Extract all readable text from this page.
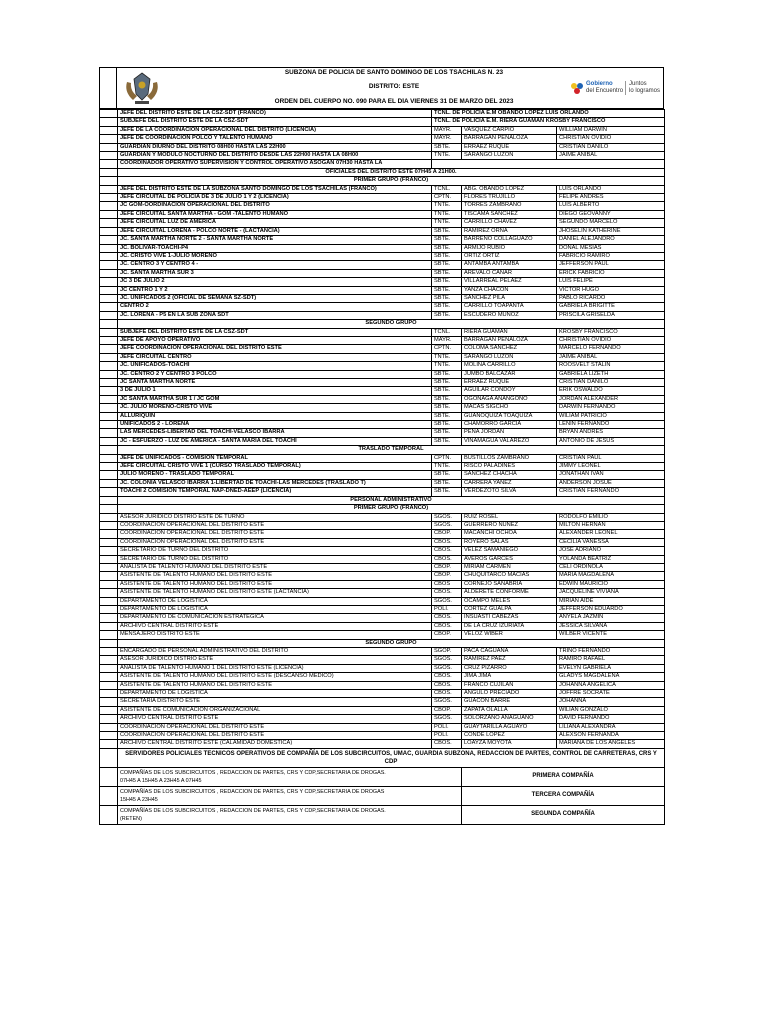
SUBZONA DE POLICÍA DE SANTO DOMINGO DE LOS TSÁCHILAS N. 23
DISTRITO: ESTE
ORDEN DEL CUERPO NO. 090 PARA EL DÍA VIERNES 31 DE MARZO DEL 2023
Gobierno
del Encuentro
Juntos
lo logramos
	JEFE DEL DISTRITO ESTE DE LA CSZ-SDT (FRANCO)	TCNL. DE POLICIA E.M OBANDO LOPEZ LUIS ORLANDO		
	SUBJEFE DEL DISTRITO ESTE DE LA CSZ-SDT	TCNL. DE POLICIA E.M. RIERA GUAMAN KROSBY FRANCISCO		
	JEFE DE LA COORDINACION OPERACIONAL DEL DISTRITO (LICENCIA)	MAYR.	VASQUEZ CARPIO	WILLIAM DARWIN
	JEFE DE COORDINACION POLCO Y TALENTO HUMANO	MAYR.	BARRAGAN PEÑALOZA	CHRISTIAN OVIDIO
	GUARDIAN DIURNO DEL DISTRITO 08H00 HASTA LAS 22H00	SBTE.	ERRAEZ RUQUE	CRISTIAN DANILO
	GUARDIAN Y MODULO NOCTURNO DEL DISTRITO DESDE LAS 22H00 HASTA LA 08H00	TNTE.	SARANGO LUZON	JAIME ANIBAL
	COORDINADOR OPERATIVO SUPERVISION Y CONTROL OPERATIVO ASOGAN 07H30 HASTA LA			
	OFICIALES DEL DISTRITO ESTE 07H45 A 21H00.			
	PRIMER GRUPO (FRANCO)			
	JEFE DEL DISTRITO ESTE DE LA SUBZONA SANTO DOMINGO DE LOS TSÁCHILAS (FRANCO)	TCNL.	ABG. OBANDO LOPEZ	LUIS ORLANDO
	JEFE CIRCUITAL DE POLICIA DE 3 DE JULIO 1 Y 2 (LICENCIA)	CPTN.	FLORES TRUJILLO	FELIPE ANDRÉS
	JC GOM-OORDINACION OPERACIONAL DEL DISTRITO	TNTE.	TORRES ZAMBRANO	LUIS ALBERTO
	JEFE CIRCUITAL SANTA MARTHA - GOM -TALENTO HUMANO	TNTE.	TISCAMA SANCHEZ	DIEGO GEOVANNY
	JEFE CIRCUITAL LUZ DE AMÉRICA	TNTE.	CARRILLO CHAVEZ	SEGUNDO MARCELO
	JEFE CIRCUITAL LORENA - POLCO NORTE - (LACTANCIA)	SBTE.	RAMIREZ ORNA	JHOSELIN KATHERINE
	JC. SANTA MARTHA NORTE 2 - SANTA MARTHA NORTE	SBTE.	BARRENO COLLAGUAZO	DANIEL ALEJANDRO
	JC. BOLIVAR-TOACHI-P4	SBTE.	ARMIJO RUBIO	DONAL MESIAS
	JC. CRISTO VIVE 1-JULIO MORENO	SBTE.	ORTIZ ORTIZ	FABRICIO RAMIRO
	JC. CENTRO 3 Y CENTRO 4 -	SBTE.	ANTAMBA ANTAMBA	JEFFERSON PAUL
	JC. SANTA MARTHA SUR 3	SBTE.	AREVALO CAÑAR	ERICK FABRICIO
	JC 3 DE JULIO 2	SBTE.	VILLARREAL PELAEZ	LUIS FELIPE
	JC CENTRO 1 Y 2	SBTE.	YANZA CHACON	VICTOR HUGO
	JC. UNIFICADOS 2 (OFICIAL DE SEMANA SZ-SDT)	SBTE.	SANCHEZ PILA	PABLO RICARDO
	CENTRO 2	SBTE.	CARRILLO TOAPANTA	GABRIELA BRIGITTE
	JC. LORENA - P5 EN LA SUB ZONA SDT	SBTE.	ESCUDERO MUÑOZ	PRISCILA GRISELDA
	SEGUNDO GRUPO			
	SUBJEFE DEL DISTRITO ESTE DE LA CSZ-SDT	TCNL.	RIERA GUAMAN	KROSBY FRANCISCO
	JEFE DE APOYO OPERATIVO	MAYR.	BARRAGAN PEÑALOZA	CHRISTIAN OVIDIO
	JEFE COORDINACION OPERACIONAL DEL DISTRITO ESTE	CPTN.	COLOMA SANCHEZ	MARCELO FERNANDO
	JEFE CIRCUITAL CENTRO	TNTE.	SARANGO LUZON	JAIME ANIBAL
	JC. UNIFICADOS-TOACHI	TNTE.	MOLINA CARRILLO	ROOSVELT STALIN
	JC. CENTRO 2 Y CENTRO 3 POLCO	SBTE.	JUMBO BALCAZAR	GABRIELA LIZETH
	JC SANTA MARTHA NORTE	SBTE.	ERRAEZ RUQUE	CRISTIAN DANILO
	3 DE JULIO 1	SBTE.	AGUILAR CONDOY	ERIK OSWALDO
	JC SANTA MARTHA SUR 1 / JC GOM	SBTE.	OGONAGA ANANGONO	JORDAN ALEXANDER
	JC. JULIO MORENO-CRISTO VIVE	SBTE.	MACAS SIGCHO	DARWIN FERNANDO
	ALLURIQUIN	SBTE.	GUANOQUIZA TOAQUIZA	WILIAM PATRICIO
	UNIFICADOS 2 - LORENA	SBTE.	CHAMORRO GARCIA	LENIN FERNANDO
	LAS MERCEDES-LIBERTAD DEL TOACHI-VELASCO IBARRA	SBTE.	PEÑA JORDAN	BRYAN ANDRES
	JC - ESFUERZO - LUZ DE AMERICA - SANTA MARIA DEL TOACHI	SBTE.	VIÑAMAGUA VALAREZO	ANTONIO DE JESUS
	TRASLADO TEMPORAL			
	JEFE DE UNIFICADOS - COMISION TEMPORAL	CPTN.	BUSTILLOS ZAMBRANO	CRISTIAN PAUL
	JEFE CIRCUITAL CRISTO VIVE 1 (CURSO TRASLADO TEMPORAL)	TNTE.	RISCO PALADINES	JIMMY LEONEL
	JULIO MORENO - TRASLADO TEMPORAL	SBTE.	SANCHEZ CHACHA	JONATHAN IVAN
	JC. COLONIA VELASCO IBARRA 1-LIBERTAD DE TOACHI-LAS MERCEDES (TRASLADO T)	SBTE.	CARRERA YANEZ	ANDERSON JOSUE
	TOACHI 2 COMISION TEMPORAL NAP-DNED-AEEP (LICENCIA)	SBTE.	VERDEZOTO SILVA	CRISTIAN FERNANDO
	PERSONAL ADMINISTRATIVO			
	PRIMER GRUPO (FRANCO)			
	ASESOR JURIDICO DISTRIO ESTE DE TURNO	SGOS.	RUIZ ROSEL	RODOLFO EMILIO
	COORDINACION OPERACIONAL DEL DISTRITO ESTE	SGOS.	GUERRERO NUÑEZ	MILTON HERNAN
	COORDINACION OPERACIONAL DEL DISTRITO ESTE	CBOP.	MACANCHI OCHOA	ALEXANDER LEONEL
	COORDINACION OPERACIONAL DEL DISTRITO ESTE	CBOS.	ROYERO SALAS	CECILIA VANESSA
	SECRETARIO DE TURNO DEL DISTRITO	CBOS.	VELEZ SAMANIEGO	JOSE ADRIANO
	SECRETARIO DE TURNO DEL DISTRITO	CBOS.	AVEROS GARCES	YOLANDA BEATRIZ
	ANALISTA DE TALENTO HUMANO DEL DISTRITO ESTE	CBOP.	MIRIAM CARMEN	CELI ORDINOLA
	ASISTENTE DE TALENTO HUMANO DEL DISTRITO ESTE	CBOP.	CHUQUITARCO MACÍAS	MARÍA MAGDALENA
	ASISTENTE DE TALENTO HUMANO DEL DISTRITO ESTE	CBOS	CORNEJO SANABRIA	EDWIN MAURICIO
	ASISTENTE DE TALENTO HUMANO DEL DISTRITO ESTE (LACTANCIA)	CBOS.	ALDERETE CONFORME	JACQUELINE VIVIANA
	DEPARTAMENTO DE LOGISTICA	SGOS.	OCAMPO MELES	MIRIAN AIDE
	DEPARTAMENTO DE LOGISTICA	POLI.	CORTEZ GUALPA	JEFFERSON EDUARDO
	DEPARTAMENTO DE COMUNICACIÓN ESTRATÉGICA	CBOS.	INSUASTI CABEZAS	ANYELA JAZMIN
	ARCHIVO CENTRAL DISTRITO ESTE	CBOS.	DE LA CRUZ IZURIATA	JESSICA SILVANA
	MENSAJERO DISTRITO ESTE	CBOP.	VELOZ WIBER	WILBER VICENTE
	SEGUNDO GRUPO			
	ENCARGADO DE PERSONAL ADMINISTRATIVO DEL DISTRITO	SGOP.	PACA CAGUANA	TRINO FERNANDO
	ASESOR JURIDICO DISTRIO ESTE	SGOS.	RAMIREZ PAEZ	RAMIRO RAFAEL
	ANALISTA DE TALENTO HUMANO 1 DEL DISTRITO ESTE (LICENCIA)	SGOS.	CRUZ PIZARRO	EVELYN GABRIELA
	ASISTENTE DE TALENTO HUMANO DEL DISTRITO ESTE (DESCANSO MEDICO)	CBOS.	JIMA JIMA	GLADYS MAGDALENA
	ASISTENTE DE TALENTO HUMANO DEL DISTRITO ESTE	CBOS.	FRANCO CUJILAN	JOHANNA ANGELICA
	DEPARTAMENTO DE LOGISTICA	CBOS.	ANGULO PRECIADO	JOFFRE SOCRATE
	SECRETARIA DISTRITO ESTE	SGOS.	GUACON BARRE	JOHANNA
	ASISTENTE DE COMUNICACIÓN ORGANIZACIONAL	CBOP.	ZAPATA OLALLA	WILIAN GONZALO
	ARCHIVO CENTRAL DISTRITO ESTE	SGOS.	SOLORZANO ANAGUANO	DAVID FERNANDO
	COORDINACION OPERACIONAL DEL DISTRITO ESTE	POLI.	GUAYTARILLA AGUAYO	LILIANA ALEXANDRA
	COORDINACION OPERACIONAL DEL DISTRITO ESTE	POLI.	CONDE LOPEZ	ALEXSON FERNANDA
	ARCHIVO CENTRAL DISTRITO ESTE (CALAMIDAD DOMÉSTICA)	CBOS.	LOAYZA MOYOTA	MARIANA DE LOS ANGELES
	SERVIDORES POLICIALES TECNICOS OPERATIVOS DE COMPAÑÍA DE LOS SUBCIRCUITOS, UMAC, GUARDIA SUBZONA, REDACCION DE PARTES, CONTROL DE CARRETERAS, CRS Y CDP			

	COMPAÑÍAS DE LOS SUBCIRCUITOS , REDACCION DE PARTES, CRS Y CDP,SECRETARIA DE DROGAS.
07H45 A 15H45 A 23H45 A 07H45		PRIMERA COMPAÑÍA	

	COMPAÑÍAS DE LOS SUBCIRCUITOS , REDACCION DE PARTES, CRS Y CDP,SECRETARIA DE DROGAS
15H45 A 23H45		TERCERA COMPAÑÍA	

	COMPAÑÍAS DE LOS SUBCIRCUITOS , REDACCION DE PARTES, CRS Y CDP,SECRETARIA DE DROGAS.
(RETEN)		SEGUNDA COMPAÑÍA	
